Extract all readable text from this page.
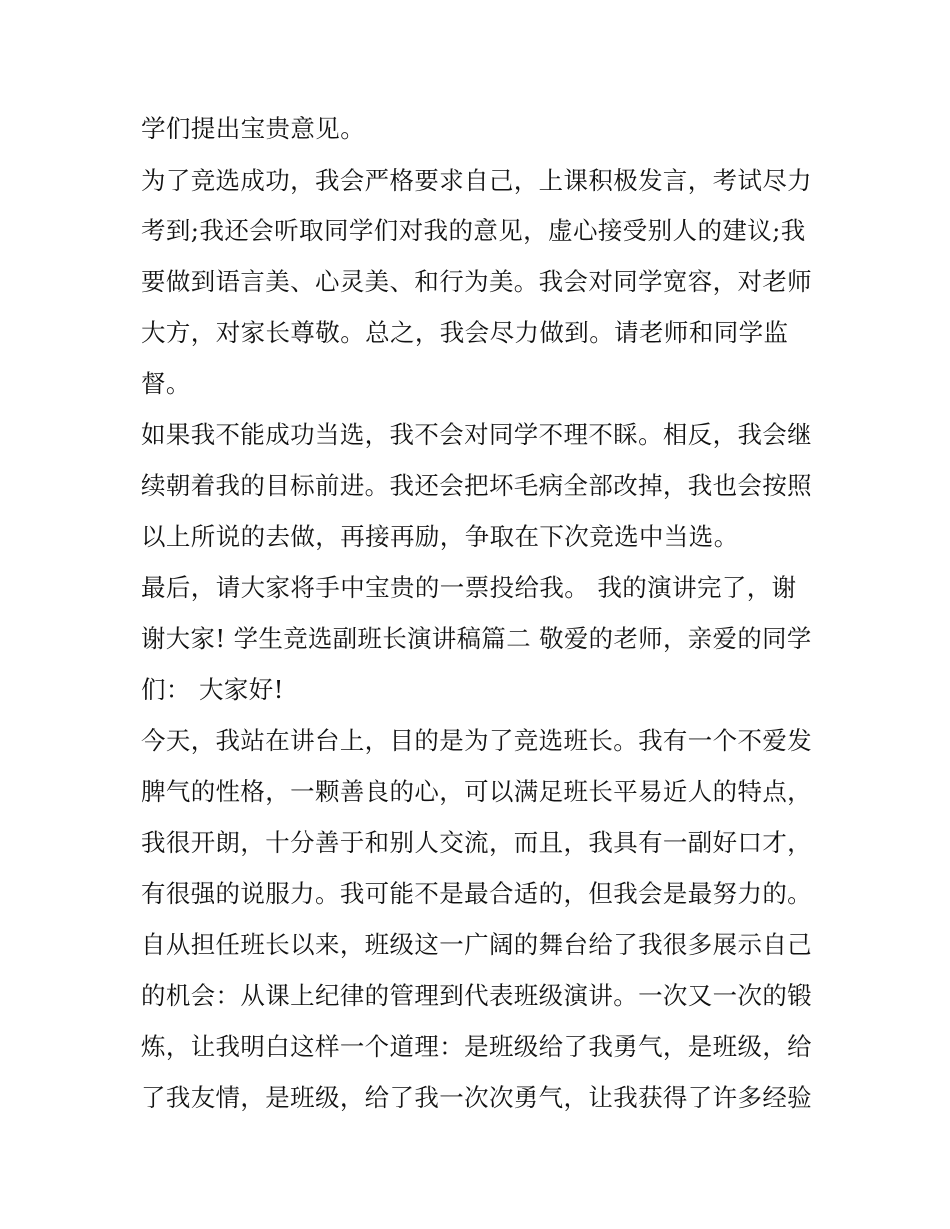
学们提出宝贵意见。
为了竞选成功，我会严格要求自己，上课积极发言，考试尽力
考到;我还会听取同学们对我的意见，虚心接受别人的建议;我
要做到语言美、心灵美、和行为美。我会对同学宽容，对老师
大方，对家长尊敬。总之，我会尽力做到。请老师和同学监
督。
如果我不能成功当选，我不会对同学不理不睬。相反，我会继
续朝着我的目标前进。我还会把坏毛病全部改掉，我也会按照
以上所说的去做，再接再励，争取在下次竞选中当选。
最后，请大家将手中宝贵的一票投给我。 我的演讲完了，谢
谢大家! 学生竞选副班长演讲稿篇二 敬爱的老师，亲爱的同学
们： 大家好!
今天，我站在讲台上，目的是为了竞选班长。我有一个不爱发
脾气的性格，一颗善良的心，可以满足班长平易近人的特点，
我很开朗，十分善于和别人交流，而且，我具有一副好口才，
有很强的说服力。我可能不是最合适的，但我会是最努力的。
自从担任班长以来，班级这一广阔的舞台给了我很多展示自己
的机会：从课上纪律的管理到代表班级演讲。一次又一次的锻
炼，让我明白这样一个道理：是班级给了我勇气，是班级，给
了我友情，是班级，给了我一次次勇气，让我获得了许多经验
